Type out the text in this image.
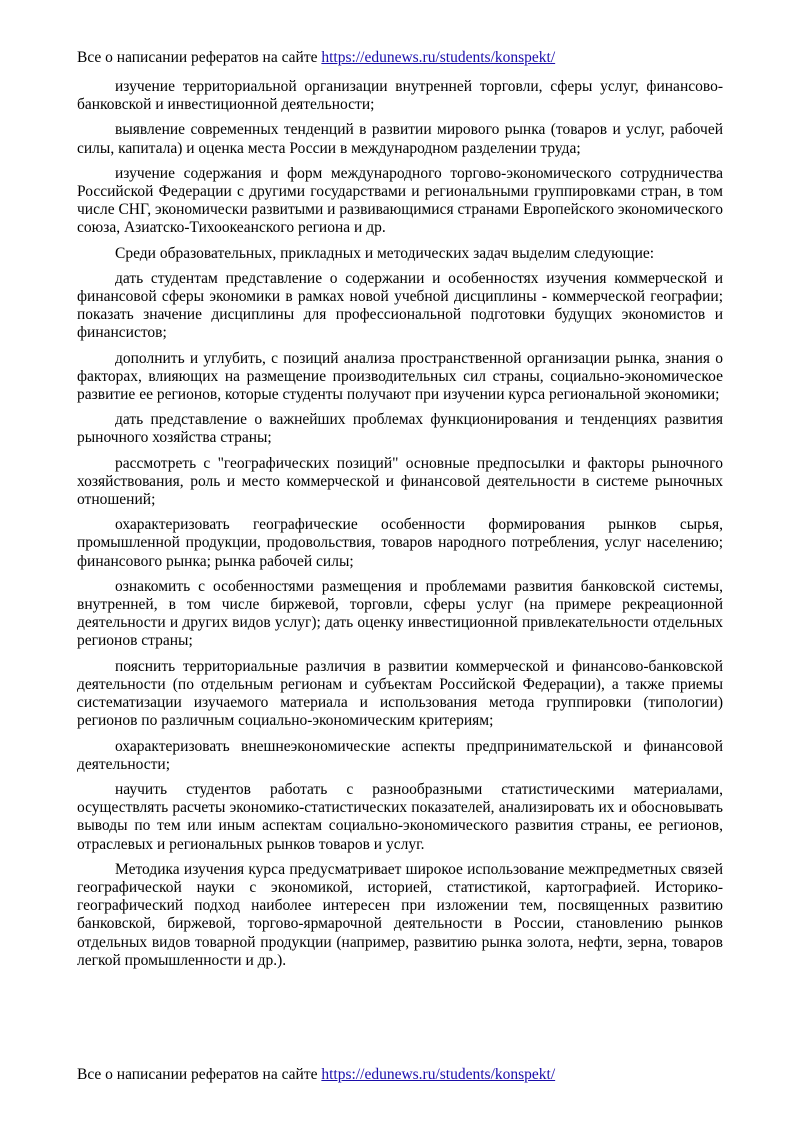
Все о написании рефератов на сайте https://edunews.ru/students/konspekt/

изучение территориальной организации внутренней торговли, сферы услуг, финансово-банковской и инвестиционной деятельности;

выявление современных тенденций в развитии мирового рынка (товаров и услуг, рабочей силы, капитала) и оценка места России в международном разделении труда;

изучение содержания и форм международного торгово-экономического сотрудничества Российской Федерации с другими государствами и региональными группировками стран, в том числе СНГ, экономически развитыми и развивающимися странами Европейского экономического союза, Азиатско-Тихоокеанского региона и др.

Среди образовательных, прикладных и методических задач выделим следующие:

дать студентам представление о содержании и особенностях изучения коммерческой и финансовой сферы экономики в рамках новой учебной дисциплины - коммерческой географии; показать значение дисциплины для профессиональной подготовки будущих экономистов и финансистов;

дополнить и углубить, с позиций анализа пространственной организации рынка, знания о факторах, влияющих на размещение производительных сил страны, социально-экономическое развитие ее регионов, которые студенты получают при изучении курса региональной экономики;

дать представление о важнейших проблемах функционирования и тенденциях развития рыночного хозяйства страны;

рассмотреть с "географических позиций" основные предпосылки и факторы рыночного хозяйствования, роль и место коммерческой и финансовой деятельности в системе рыночных отношений;

охарактеризовать географические особенности формирования рынков сырья, промышленной продукции, продовольствия, товаров народного потребления, услуг населению; финансового рынка; рынка рабочей силы;

ознакомить с особенностями размещения и проблемами развития банковской системы, внутренней, в том числе биржевой, торговли, сферы услуг (на примере рекреационной деятельности и других видов услуг); дать оценку инвестиционной привлекательности отдельных регионов страны;

пояснить территориальные различия в развитии коммерческой и финансово-банковской деятельности (по отдельным регионам и субъектам Российской Федерации), а также приемы систематизации изучаемого материала и использования метода группировки (типологии) регионов по различным социально-экономическим критериям;

охарактеризовать внешнеэкономические аспекты предпринимательской и финансовой деятельности;

научить студентов работать с разнообразными статистическими материалами, осуществлять расчеты экономико-статистических показателей, анализировать их и обосновывать выводы по тем или иным аспектам социально-экономического развития страны, ее регионов, отраслевых и региональных рынков товаров и услуг.

Методика изучения курса предусматривает широкое использование межпредметных связей географической науки с экономикой, историей, статистикой, картографией. Историко-географический подход наиболее интересен при изложении тем, посвященных развитию банковской, биржевой, торгово-ярмарочной деятельности в России, становлению рынков отдельных видов товарной продукции (например, развитию рынка золота, нефти, зерна, товаров легкой промышленности и др.).

Все о написании рефератов на сайте https://edunews.ru/students/konspekt/
